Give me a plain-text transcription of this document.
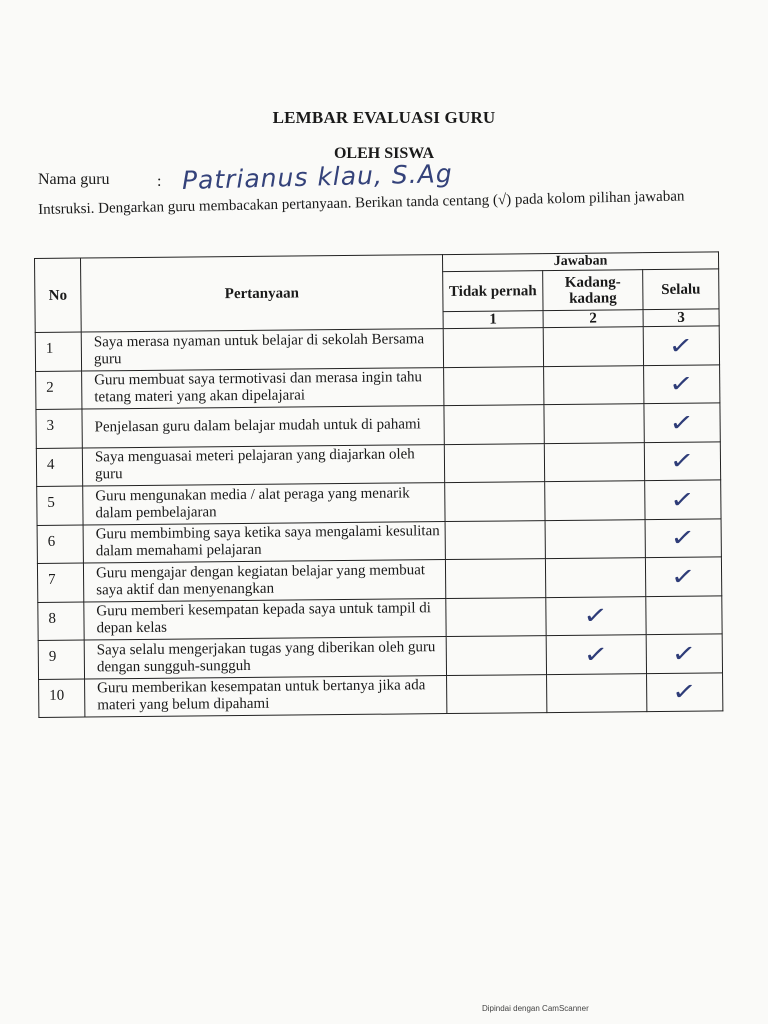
LEMBAR EVALUASI GURU
OLEH SISWA
Nama guru	: Patrianus klau, S.Ag
Intsruksi. Dengarkan guru membacakan pertanyaan. Berikan tanda centang (√) pada kolom pilihan jawaban
No	Pertanyaan	Jawaban		
		Tidak pernah	Kadang-kadang	Selalu
		1	2	3
1	Saya merasa nyaman untuk belajar di sekolah Bersama guru			✓
2	Guru membuat saya termotivasi dan merasa ingin tahu tetang materi yang akan dipelajarai			✓
3	Penjelasan guru dalam belajar mudah untuk di pahami			✓
4	Saya menguasai meteri pelajaran yang diajarkan oleh guru			✓
5	Guru mengunakan media / alat peraga yang menarik dalam pembelajaran			✓
6	Guru membimbing saya ketika saya mengalami kesulitan dalam memahami pelajaran			✓
7	Guru mengajar dengan kegiatan belajar yang membuat saya aktif dan menyenangkan			✓
8	Guru memberi kesempatan kepada saya untuk tampil di depan kelas		✓	
9	Saya selalu mengerjakan tugas yang diberikan oleh guru dengan sungguh-sungguh		✓	✓
10	Guru memberikan kesempatan untuk bertanya jika ada materi yang belum dipahami			✓
Dipindai dengan CamScanner
